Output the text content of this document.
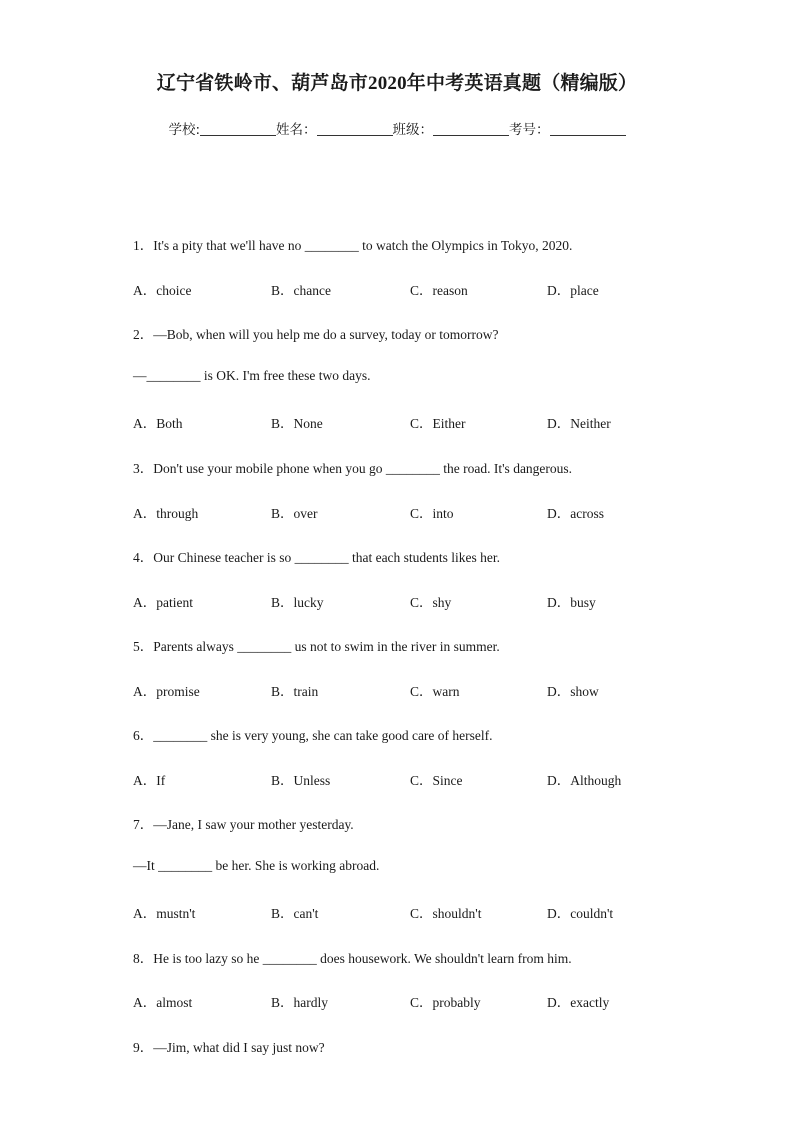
辽宁省铁岭市、葫芦岛市2020年中考英语真题（精编版）
学校:	姓名：	班级：	考号：
1．It's a pity that we'll have no ________ to watch the Olympics in Tokyo, 2020.
A．choice	B．chance	C．reason	D．place
2．—Bob, when will you help me do a survey, today or tomorrow?
—________ is OK. I'm free these two days.
A．Both	B．None	C．Either	D．Neither
3．Don't use your mobile phone when you go ________ the road. It's dangerous.
A．through	B．over	C．into	D．across
4．Our Chinese teacher is so ________ that each students likes her.
A．patient	B．lucky	C．shy	D．busy
5．Parents always ________ us not to swim in the river in summer.
A．promise	B．train	C．warn	D．show
6．________ she is very young, she can take good care of herself.
A．If	B．Unless	C．Since	D．Although
7．—Jane, I saw your mother yesterday.
—It ________ be her. She is working abroad.
A．mustn't	B．can't	C．shouldn't	D．couldn't
8．He is too lazy so he ________ does housework. We shouldn't learn from him.
A．almost	B．hardly	C．probably	D．exactly
9．—Jim, what did I say just now?
